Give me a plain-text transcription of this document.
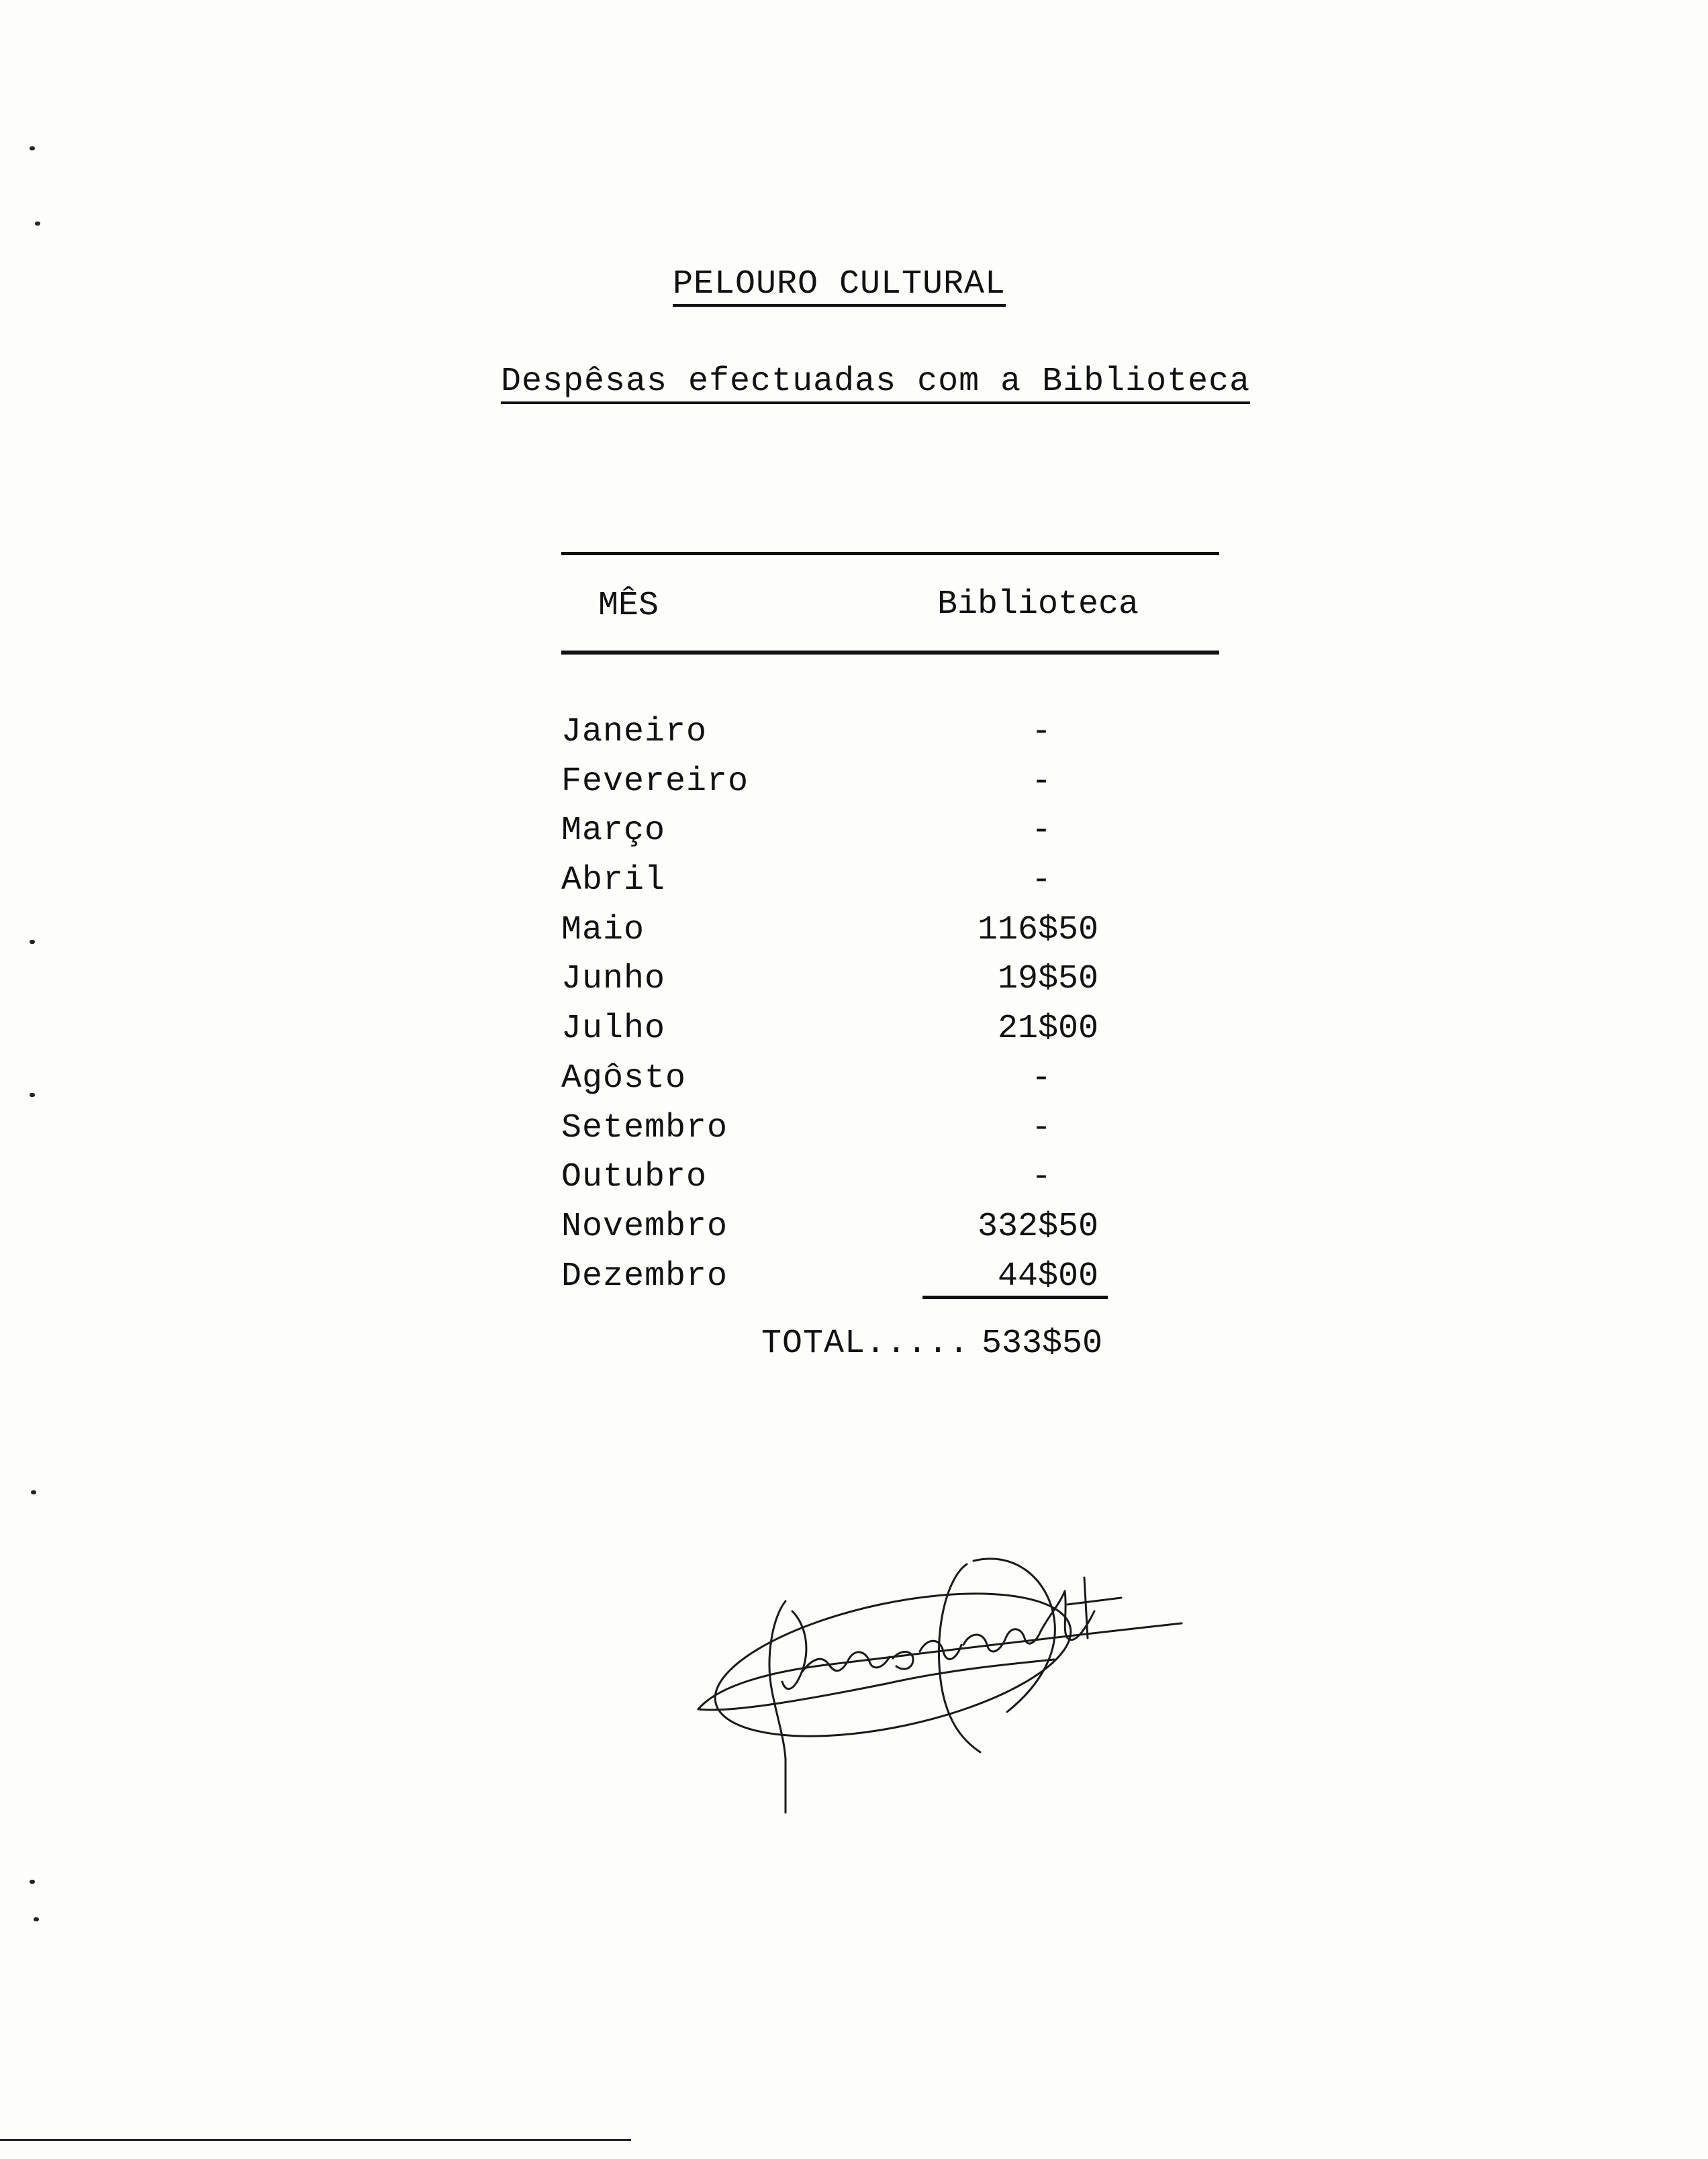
PELOURO CULTURAL
Despêsas efectuadas com a Biblioteca
MÊS	Biblioteca
Janeiro	-
Fevereiro	-
Março	-
Abril	-
Maio	116$50
Junho	19$50
Julho	21$00
Agôsto	-
Setembro	-
Outubro	-
Novembro	332$50
Dezembro	44$00
TOTAL..... 533$50
